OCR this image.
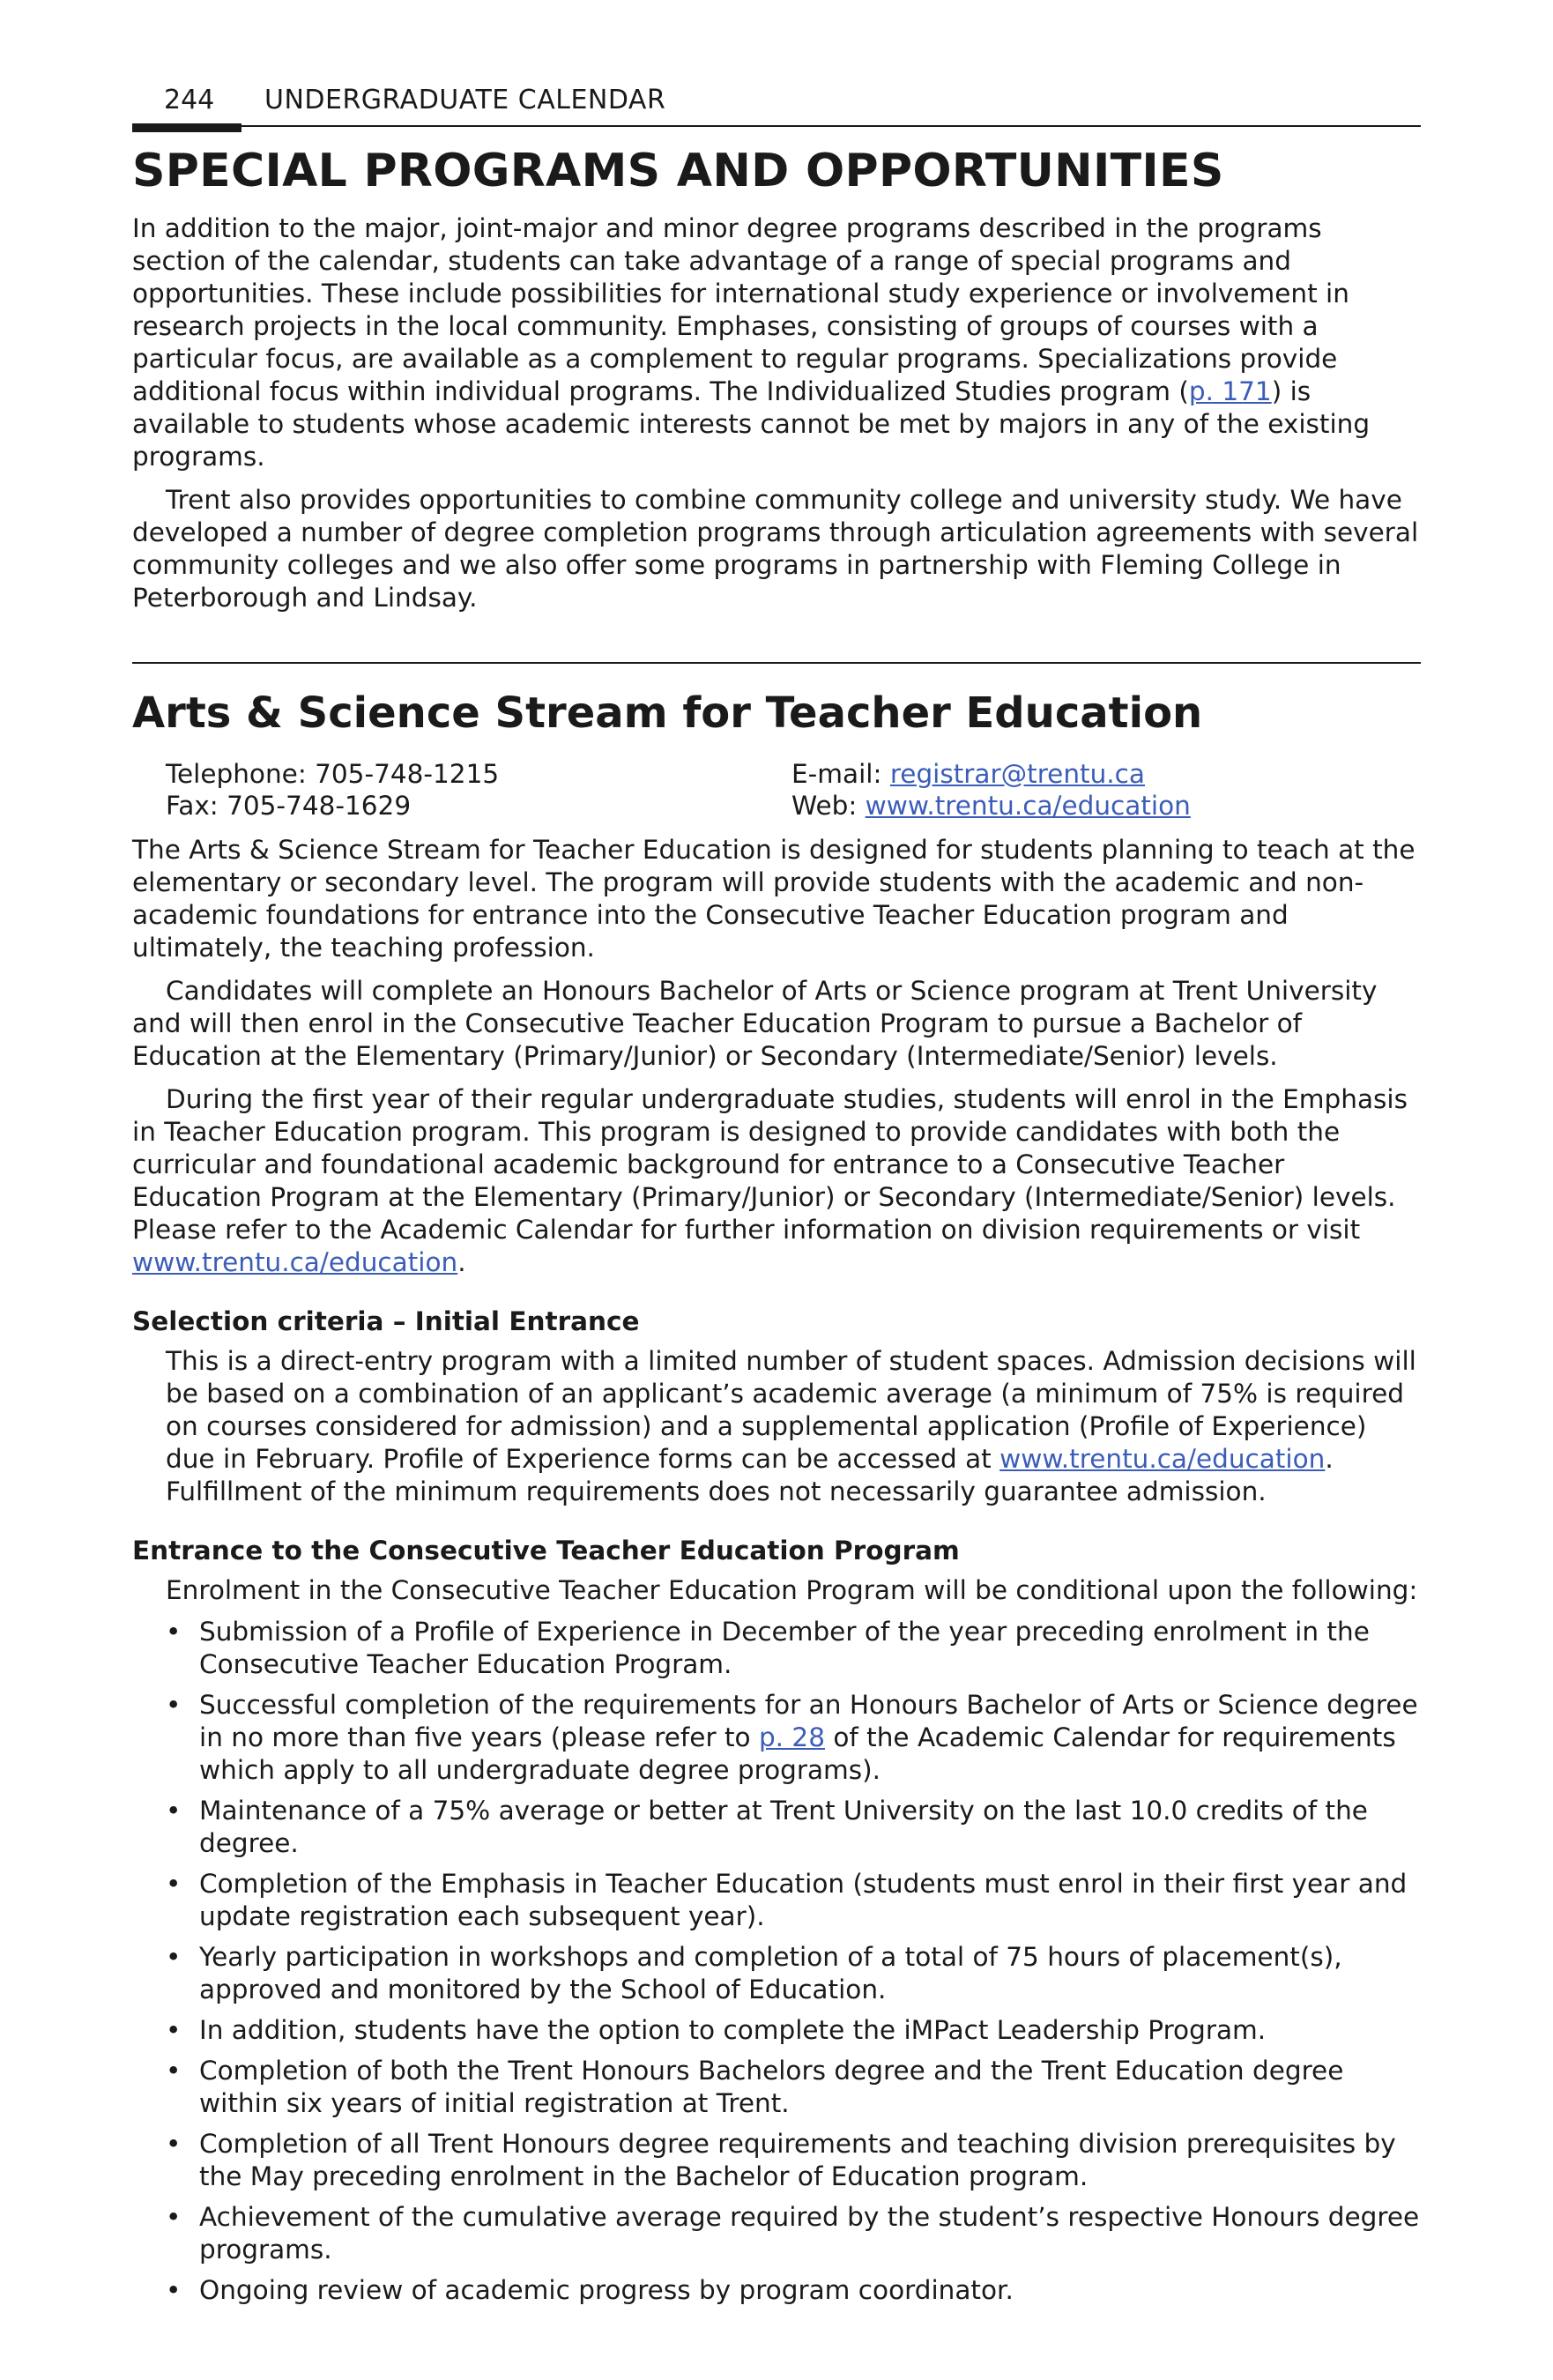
244 UNDERGRADUATE CALENDAR
SPECIAL PROGRAMS AND OPPORTUNITIES

In addition to the major, joint-major and minor degree programs described in the programs section of the calendar, students can take advantage of a range of special programs and opportunities. These include possibilities for international study experience or involvement in research projects in the local community. Emphases, consisting of groups of courses with a particular focus, are available as a complement to regular programs. Specializations provide additional focus within individual programs. The Individualized Studies program (p. 171) is available to students whose academic interests cannot be met by majors in any of the existing programs.

Trent also provides opportunities to combine community college and university study. We have developed a number of degree completion programs through articulation agreements with several community colleges and we also offer some programs in partnership with Fleming College in Peterborough and Lindsay.

Arts & Science Stream for Teacher Education
Telephone: 705-748-1215	E-mail: registrar@trentu.ca
Fax: 705-748-1629	Web: www.trentu.ca/education

The Arts & Science Stream for Teacher Education is designed for students planning to teach at the elementary or secondary level. The program will provide students with the academic and non-academic foundations for entrance into the Consecutive Teacher Education program and ultimately, the teaching profession.

Candidates will complete an Honours Bachelor of Arts or Science program at Trent University and will then enrol in the Consecutive Teacher Education Program to pursue a Bachelor of Education at the Elementary (Primary/Junior) or Secondary (Intermediate/Senior) levels.

During the first year of their regular undergraduate studies, students will enrol in the Emphasis in Teacher Education program. This program is designed to provide candidates with both the curricular and foundational academic background for entrance to a Consecutive Teacher Education Program at the Elementary (Primary/Junior) or Secondary (Intermediate/Senior) levels. Please refer to the Academic Calendar for further information on division requirements or visit www.trentu.ca/education.

Selection criteria – Initial Entrance

This is a direct-entry program with a limited number of student spaces. Admission decisions will be based on a combination of an applicant’s academic average (a minimum of 75% is required on courses considered for admission) and a supplemental application (Profile of Experience) due in February. Profile of Experience forms can be accessed at www.trentu.ca/education. Fulfillment of the minimum requirements does not necessarily guarantee admission.

Entrance to the Consecutive Teacher Education Program

Enrolment in the Consecutive Teacher Education Program will be conditional upon the following:

• Submission of a Profile of Experience in December of the year preceding enrolment in the Consecutive Teacher Education Program.
• Successful completion of the requirements for an Honours Bachelor of Arts or Science degree in no more than five years (please refer to p. 28 of the Academic Calendar for requirements which apply to all undergraduate degree programs).
• Maintenance of a 75% average or better at Trent University on the last 10.0 credits of the degree.
• Completion of the Emphasis in Teacher Education (students must enrol in their first year and update registration each subsequent year).
• Yearly participation in workshops and completion of a total of 75 hours of placement(s), approved and monitored by the School of Education.
• In addition, students have the option to complete the iMPact Leadership Program.
• Completion of both the Trent Honours Bachelors degree and the Trent Education degree within six years of initial registration at Trent.
• Completion of all Trent Honours degree requirements and teaching division prerequisites by the May preceding enrolment in the Bachelor of Education program.
• Achievement of the cumulative average required by the student’s respective Honours degree programs.
• Ongoing review of academic progress by program coordinator.
